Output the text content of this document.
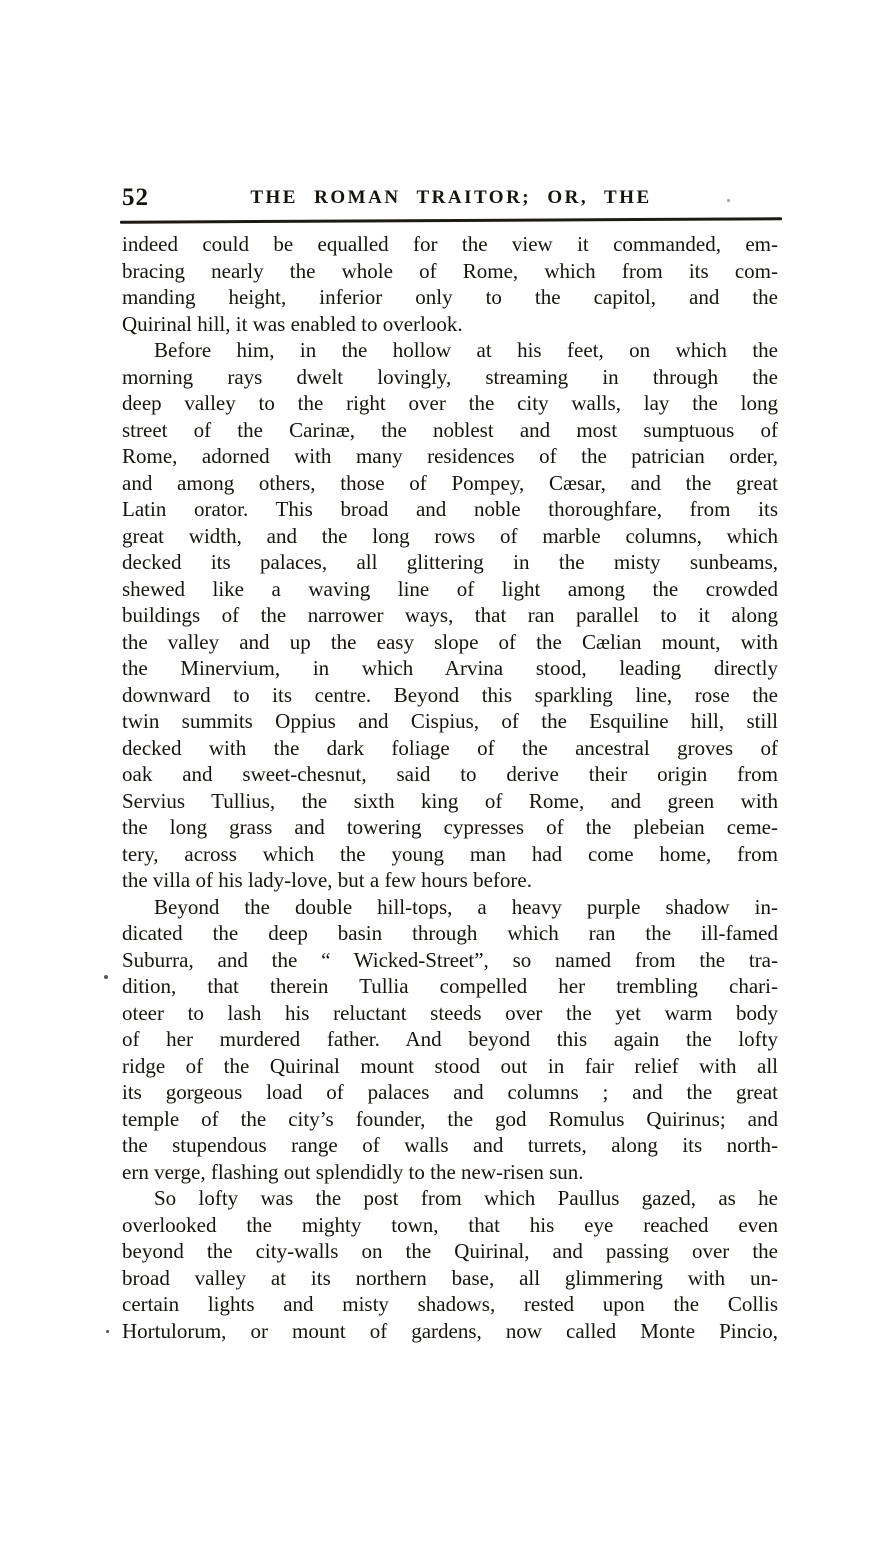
52	THE ROMAN TRAITOR; OR, THE
indeed could be equalled for the view it commanded, em-
bracing nearly the whole of Rome, which from its com-
manding height, inferior only to the capitol, and the
Quirinal hill, it was enabled to overlook.
Before him, in the hollow at his feet, on which the
morning rays dwelt lovingly, streaming in through the
deep valley to the right over the city walls, lay the long
street of the Carinæ, the noblest and most sumptuous of
Rome, adorned with many residences of the patrician order,
and among others, those of Pompey, Cæsar, and the great
Latin orator. This broad and noble thoroughfare, from its
great width, and the long rows of marble columns, which
decked its palaces, all glittering in the misty sunbeams,
shewed like a waving line of light among the crowded
buildings of the narrower ways, that ran parallel to it along
the valley and up the easy slope of the Cælian mount, with
the Minervium, in which Arvina stood, leading directly
downward to its centre. Beyond this sparkling line, rose the
twin summits Oppius and Cispius, of the Esquiline hill, still
decked with the dark foliage of the ancestral groves of
oak and sweet-chesnut, said to derive their origin from
Servius Tullius, the sixth king of Rome, and green with
the long grass and towering cypresses of the plebeian ceme-
tery, across which the young man had come home, from
the villa of his lady-love, but a few hours before.
Beyond the double hill-tops, a heavy purple shadow in-
dicated the deep basin through which ran the ill-famed
Suburra, and the “ Wicked-Street”, so named from the tra-
dition, that therein Tullia compelled her trembling chari-
oteer to lash his reluctant steeds over the yet warm body
of her murdered father. And beyond this again the lofty
ridge of the Quirinal mount stood out in fair relief with all
its gorgeous load of palaces and columns ; and the great
temple of the city’s founder, the god Romulus Quirinus; and
the stupendous range of walls and turrets, along its north-
ern verge, flashing out splendidly to the new-risen sun.
So lofty was the post from which Paullus gazed, as he
overlooked the mighty town, that his eye reached even
beyond the city-walls on the Quirinal, and passing over the
broad valley at its northern base, all glimmering with un-
certain lights and misty shadows, rested upon the Collis
Hortulorum, or mount of gardens, now called Monte Pincio,
